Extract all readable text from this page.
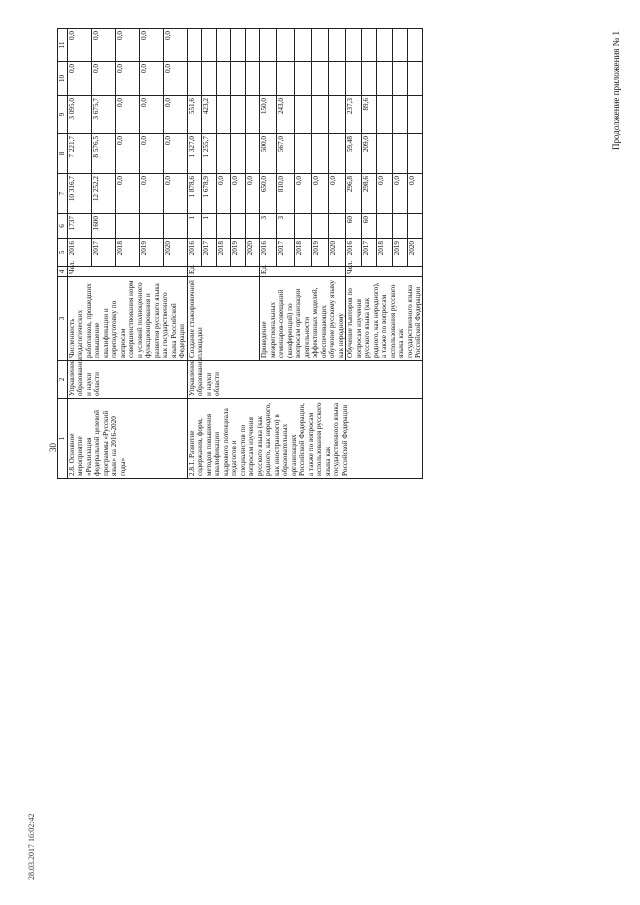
30
Продолжение приложения № 1
28.03.2017 16:02:42
1	2	3	4	5	6	7	8	9	10	11
2.8. Основное мероприятие «Реализация федеральной целевой программы «Русский язык» на 2016-2020 годы»	Управление образования и науки области	Численность педагогических работников, прошедших повышение квалификации и переподготовку по вопросам совершенствования норм и условий полноценного функционирования и развития русского языка как государственного языка Российской Федерации	Чел.	2016	1737	10 316,7	7 221,7	3 095,0	0,0	0,0
				2017	1600	12 252,2	8 576,5	3 675,7	0,0	0,0
				2018		0,0	0,0	0,0	0,0	0,0
				2019		0,0	0,0	0,0	0,0	0,0
				2020		0,0	0,0	0,0	0,0	0,0
2.8.1. Развитие содержания, форм, методов повышения квалификации кадрового потенциала педагогов и специалистов по вопросам изучения русского языка (как родного, как неродного, как иностранного) в образовательных организациях Российской Федерации, а также по вопросам использования русского языка как государственного языка Российской Федерации	Управление образования и науки области	Создание стажировочной площадки	Ед.	2016	1	1 878,6	1 327,0	551,6		
				2017	1	1 678,9	1 255,7	423,2		
				2018		0,0				
				2019		0,0				
				2020		0,0				
		Проведение межрегиональных семинаров-совещаний (конференций) по вопросам организации деятельности эффективных моделей, обеспечивающих обучение русскому языку как неродному	Ед.	2016	3	650,0	500,0	150,0		
				2017	3	810,0	567,0	243,0		
				2018		0,0				
				2019		0,0				
				2020		0,0				
		Обучение тьюторов по вопросам изучения русского языка (как родного, как неродного), а также по вопросам использования русского языка как государственного языка Российской Федерации	Чел.	2016	60	296,8	59,48	237,3		
				2017	60	298,6	209,0	89,6		
				2018		0,0				
				2019		0,0				
				2020		0,0				
